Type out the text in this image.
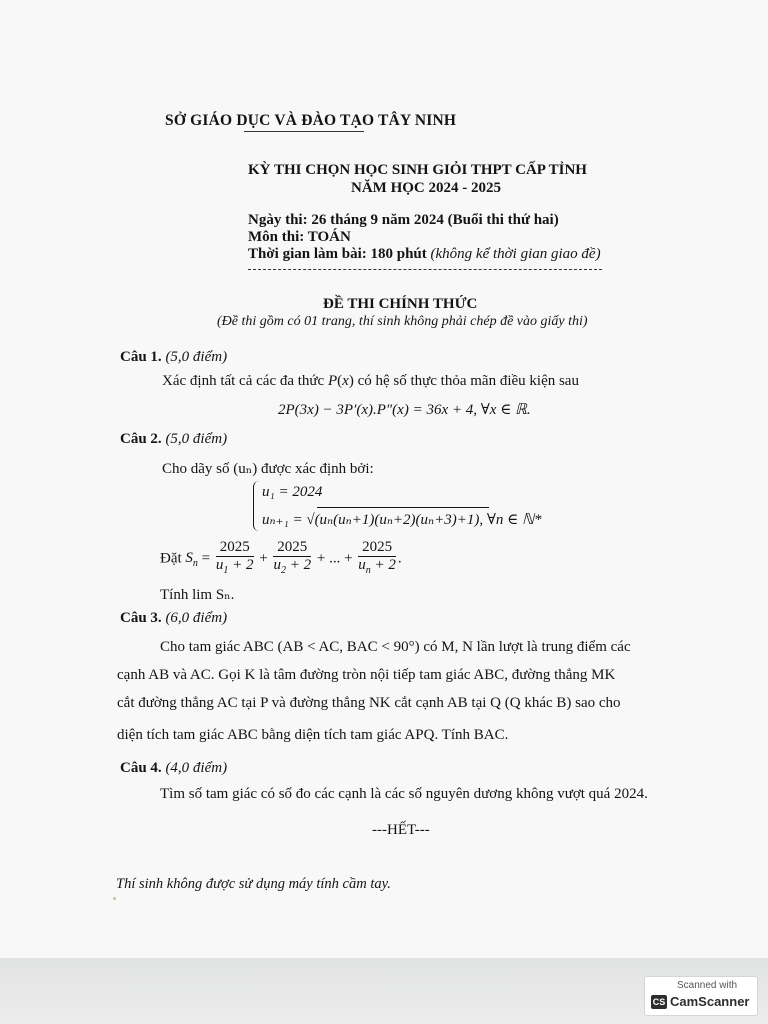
SỞ GIÁO DỤC VÀ ĐÀO TẠO TÂY NINH
KỲ THI CHỌN HỌC SINH GIỎI THPT CẤP TỈNH
NĂM HỌC 2024 - 2025
Ngày thi: 26 tháng 9 năm 2024 (Buổi thi thứ hai)
Môn thi: TOÁN
Thời gian làm bài: 180 phút (không kể thời gian giao đề)
ĐỀ THI CHÍNH THỨC
(Đề thi gồm có 01 trang, thí sinh không phải chép đề vào giấy thi)
Câu 1. (5,0 điểm)
Xác định tất cả các đa thức P(x) có hệ số thực thỏa mãn điều kiện sau
2P(3x) − 3P′(x).P″(x) = 36x + 4, ∀x ∈ ℝ.
Câu 2. (5,0 điểm)
Cho dãy số (uₙ) được xác định bởi:
u₁ = 2024
uₙ₊₁ = √(uₙ(uₙ+1)(uₙ+2)(uₙ+3)+1), ∀n ∈ ℕ*
Đặt $S_n = \frac{2025}{u_1 + 2} + \frac{2025}{u_2 + 2}$ + ... + $\frac{2025}{u_n + 2}$ .
Tính lim Sₙ.
Câu 3. (6,0 điểm)
Cho tam giác ABC (AB < AC, BAC < 90°) có M, N lần lượt là trung điểm các
cạnh AB và AC. Gọi K là tâm đường tròn nội tiếp tam giác ABC, đường thẳng MK
cắt đường thẳng AC tại P và đường thẳng NK cắt cạnh AB tại Q (Q khác B) sao cho
diện tích tam giác ABC bằng diện tích tam giác APQ. Tính BAC.
Câu 4. (4,0 điểm)
Tìm số tam giác có số đo các cạnh là các số nguyên dương không vượt quá 2024.
---HẾT---
Thí sinh không được sử dụng máy tính cầm tay.
Scanned with
CS CamScanner
